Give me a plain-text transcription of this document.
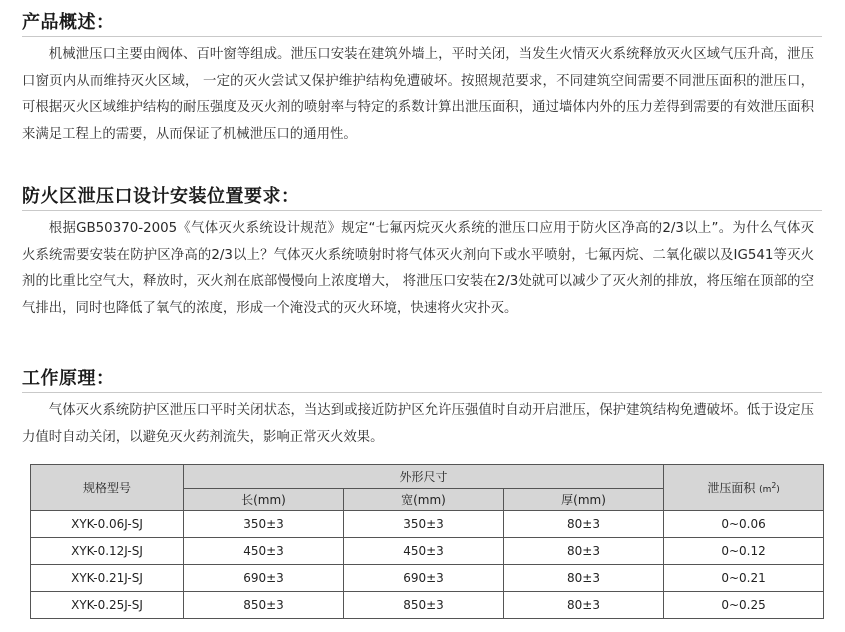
产品概述：

机械泄压口主要由阀体、百叶窗等组成。泄压口安装在建筑外墙上，平时关闭，当发生火情灭火系统释放灭火区域气压升高，泄压口窗页内从而维持灭火区域， 一定的灭火尝试又保护维护结构免遭破坏。按照规范要求，不同建筑空间需要不同泄压面积的泄压口，可根据灭火区域维护结构的耐压强度及灭火剂的喷射率与特定的系数计算出泄压面积，通过墙体内外的压力差得到需要的有效泄压面积来满足工程上的需要，从而保证了机械泄压口的通用性。

防火区泄压口设计安装位置要求：

根据GB50370-2005《气体灭火系统设计规范》规定“七氟丙烷灭火系统的泄压口应用于防火区净高的2/3以上”。为什么气体灭火系统需要安装在防护区净高的2/3以上？气体灭火系统喷射时将气体灭火剂向下或水平喷射，七氟丙烷、二氧化碳以及IG541等灭火剂的比重比空气大，释放时，灭火剂在底部慢慢向上浓度增大， 将泄压口安装在2/3处就可以减少了灭火剂的排放，将压缩在顶部的空气排出，同时也降低了氧气的浓度，形成一个淹没式的灭火环境，快速将火灾扑灭。

工作原理：

气体灭火系统防护区泄压口平时关闭状态，当达到或接近防护区允许压强值时自动开启泄压，保护建筑结构免遭破坏。低于设定压力值时自动关闭，以避免灭火药剂流失，影响正常灭火效果。

规格型号	外形尺寸			泄压面积 $(m^2)$
	长(mm)	宽(mm)	厚(mm)	
XYK-0.06J-SJ	350±3	350±3	80±3	0~0.06
XYK-0.12J-SJ	450±3	450±3	80±3	0~0.12
XYK-0.21J-SJ	690±3	690±3	80±3	0~0.21
XYK-0.25J-SJ	850±3	850±3	80±3	0~0.25
